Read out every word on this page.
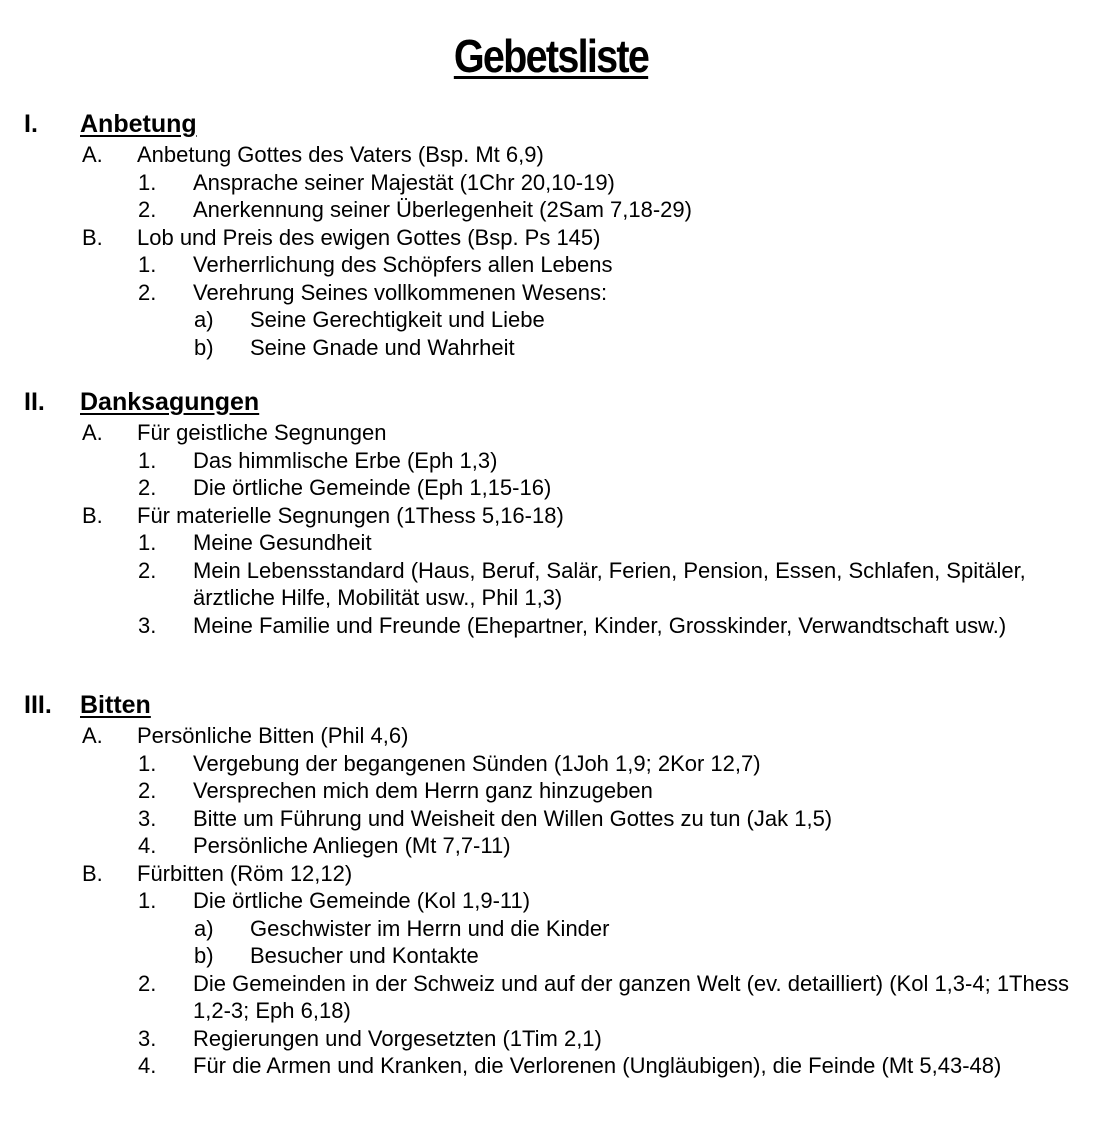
Gebetsliste
I. Anbetung
A. Anbetung Gottes des Vaters (Bsp. Mt 6,9)
1. Ansprache seiner Majestät (1Chr 20,10-19)
2. Anerkennung seiner Überlegenheit (2Sam 7,18-29)
B. Lob und Preis des ewigen Gottes (Bsp. Ps 145)
1. Verherrlichung des Schöpfers allen Lebens
2. Verehrung Seines vollkommenen Wesens:
a) Seine Gerechtigkeit und Liebe
b) Seine Gnade und Wahrheit
II. Danksagungen
A. Für geistliche Segnungen
1. Das himmlische Erbe (Eph 1,3)
2. Die örtliche Gemeinde (Eph 1,15-16)
B. Für materielle Segnungen (1Thess 5,16-18)
1. Meine Gesundheit
2. Mein Lebensstandard (Haus, Beruf, Salär, Ferien, Pension, Essen, Schlafen, Spitäler, ärztliche Hilfe, Mobilität usw., Phil 1,3)
3. Meine Familie und Freunde (Ehepartner, Kinder, Grosskinder, Verwandtschaft usw.)
III. Bitten
A. Persönliche Bitten (Phil 4,6)
1. Vergebung der begangenen Sünden (1Joh 1,9; 2Kor 12,7)
2. Versprechen mich dem Herrn ganz hinzugeben
3. Bitte um Führung und Weisheit den Willen Gottes zu tun (Jak 1,5)
4. Persönliche Anliegen (Mt 7,7-11)
B. Fürbitten (Röm 12,12)
1. Die örtliche Gemeinde (Kol 1,9-11)
a) Geschwister im Herrn und die Kinder
b) Besucher und Kontakte
2. Die Gemeinden in der Schweiz und auf der ganzen Welt (ev. detailliert) (Kol 1,3-4; 1Thess 1,2-3; Eph 6,18)
3. Regierungen und Vorgesetzten (1Tim 2,1)
4. Für die Armen und Kranken, die Verlorenen (Ungläubigen), die Feinde (Mt 5,43-48)
